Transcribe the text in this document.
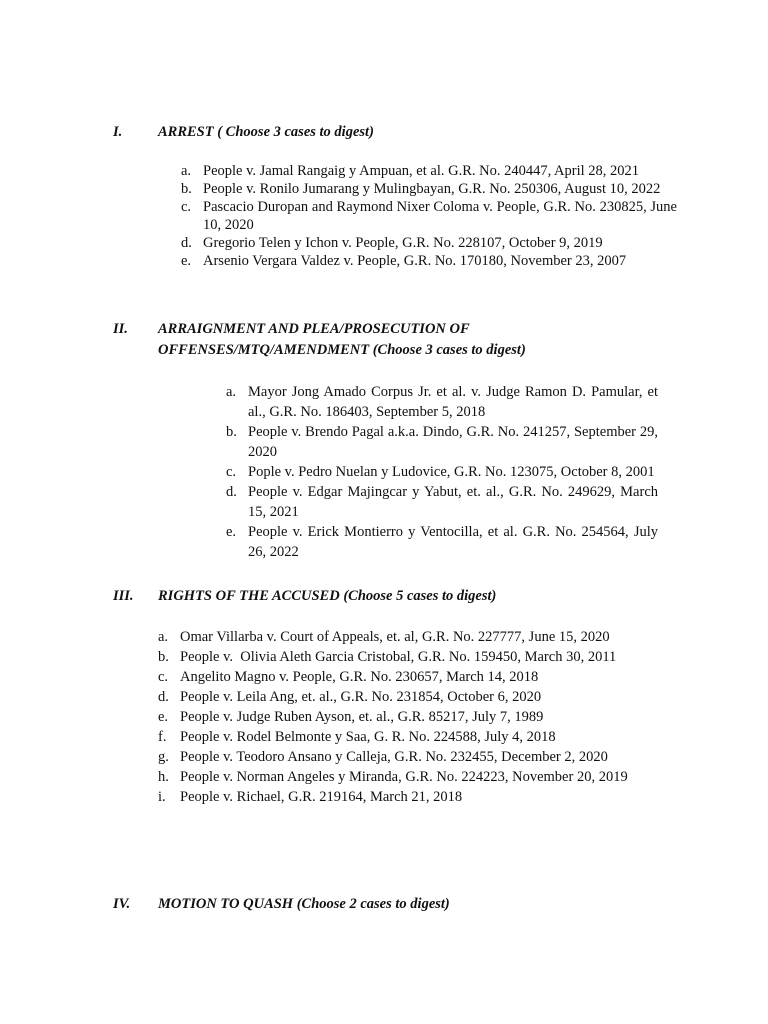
I. ARREST ( Choose 3 cases to digest)
a. People v. Jamal Rangaig y Ampuan, et al. G.R. No. 240447, April 28, 2021
b. People v. Ronilo Jumarang y Mulingbayan, G.R. No. 250306, August 10, 2022
c. Pascacio Duropan and Raymond Nixer Coloma v. People, G.R. No. 230825, June 10, 2020
d. Gregorio Telen y Ichon v. People, G.R. No. 228107, October 9, 2019
e. Arsenio Vergara Valdez v. People, G.R. No. 170180, November 23, 2007
II. ARRAIGNMENT AND PLEA/PROSECUTION OF OFFENSES/MTQ/AMENDMENT (Choose 3 cases to digest)
a. Mayor Jong Amado Corpus Jr. et al. v. Judge Ramon D. Pamular, et al., G.R. No. 186403, September 5, 2018
b. People v. Brendo Pagal a.k.a. Dindo, G.R. No. 241257, September 29, 2020
c. Pople v. Pedro Nuelan y Ludovice, G.R. No. 123075, October 8, 2001
d. People v. Edgar Majingcar y Yabut, et. al., G.R. No. 249629, March 15, 2021
e. People v. Erick Montierro y Ventocilla, et al. G.R. No. 254564, July 26, 2022
III. RIGHTS OF THE ACCUSED (Choose 5 cases to digest)
a. Omar Villarba v. Court of Appeals, et. al, G.R. No. 227777, June 15, 2020
b. People v.  Olivia Aleth Garcia Cristobal, G.R. No. 159450, March 30, 2011
c. Angelito Magno v. People, G.R. No. 230657, March 14, 2018
d. People v. Leila Ang, et. al., G.R. No. 231854, October 6, 2020
e. People v. Judge Ruben Ayson, et. al., G.R. 85217, July 7, 1989
f. People v. Rodel Belmonte y Saa, G. R. No. 224588, July 4, 2018
g. People v. Teodoro Ansano y Calleja, G.R. No. 232455, December 2, 2020
h. People v. Norman Angeles y Miranda, G.R. No. 224223, November 20, 2019
i. People v. Richael, G.R. 219164, March 21, 2018
IV. MOTION TO QUASH (Choose 2 cases to digest)
